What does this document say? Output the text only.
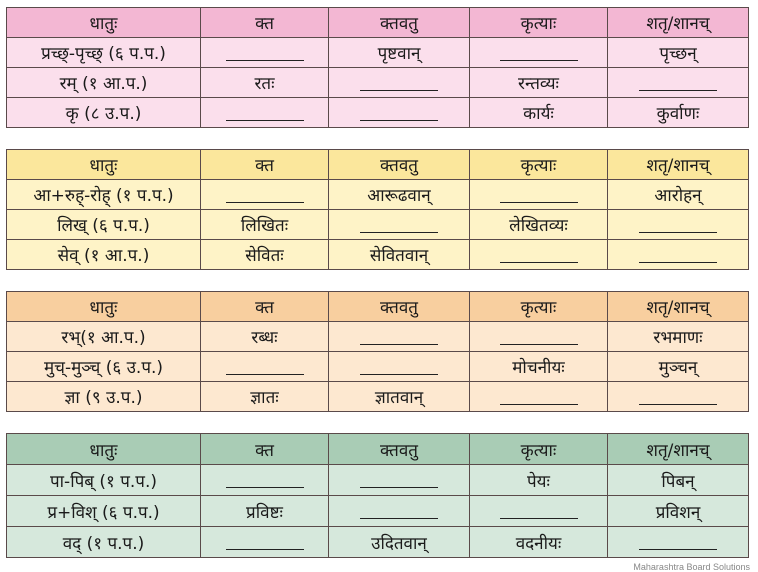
धातुः	क्त	क्तवतु	कृत्याः	शतृ/शानच्
प्रच्छ्-पृच्छ् (६ प.प.)		पृष्टवान्		पृच्छन्
रम् (१ आ.प.)	रतः		रन्तव्यः	
कृ (८ उ.प.)			कार्यः	कुर्वाणः
धातुः	क्त	क्तवतु	कृत्याः	शतृ/शानच्
आ+रुह्-रोह् (१ प.प.)		आरूढवान्		आरोहन्
लिख् (६ प.प.)	लिखितः		लेखितव्यः	
सेव् (१ आ.प.)	सेवितः	सेवितवान्		
धातुः	क्त	क्तवतु	कृत्याः	शतृ/शानच्
रभ्(१ आ.प.)	रब्धः			रभमाणः
मुच्-मुञ्च् (६ उ.प.)			मोचनीयः	मुञ्चन्
ज्ञा (९ उ.प.)	ज्ञातः	ज्ञातवान्		
धातुः	क्त	क्तवतु	कृत्याः	शतृ/शानच्
पा-पिब् (१ प.प.)			पेयः	पिबन्
प्र+विश् (६ प.प.)	प्रविष्टः			प्रविशन्
वद् (१ प.प.)		उदितवान्	वदनीयः	
Maharashtra Board Solutions
